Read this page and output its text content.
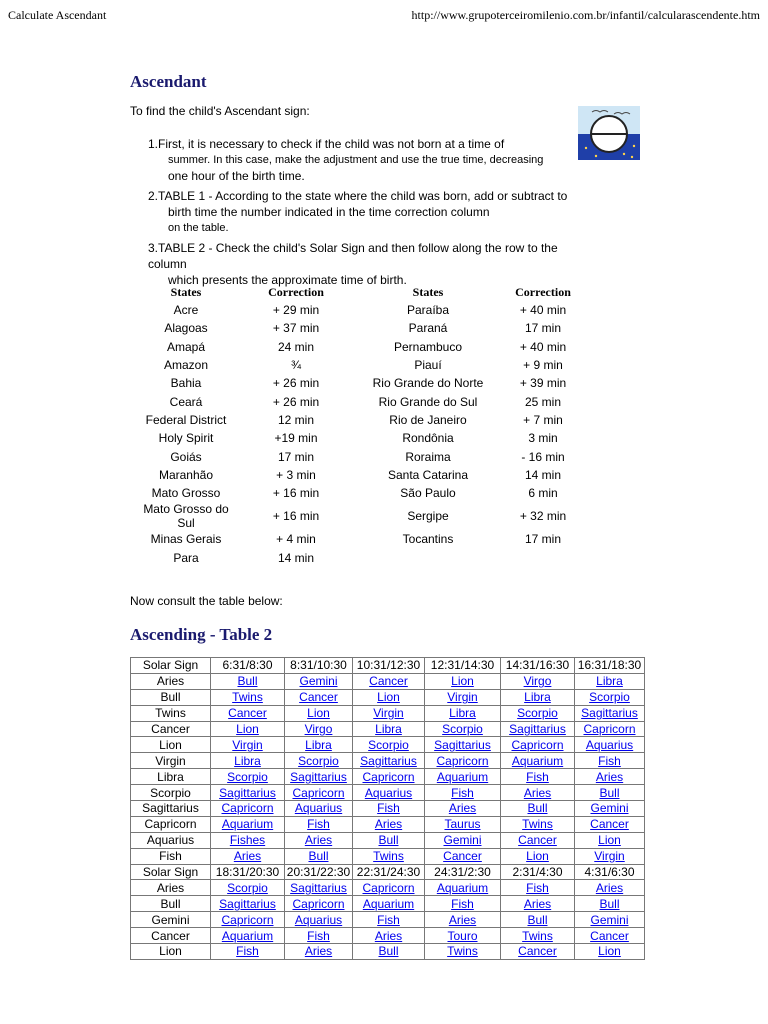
Calculate Ascendant	http://www.grupoterceiromilenio.com.br/infantil/calcularascendente.htm
Ascendant
To find the child's Ascendant sign:
1.First, it is necessary to check if the child was not born at a time of
summer. In this case, make the adjustment and use the true time, decreasing
one hour of the birth time.
2.TABLE 1 - According to the state where the child was born, add or subtract to
birth time the number indicated in the time correction column
on the table.
3.TABLE 2 - Check the child's Solar Sign and then follow along the row to the column
which presents the approximate time of birth.
States	Correction	States	Correction
Acre	+ 29 min	Paraíba	+ 40 min
Alagoas	+ 37 min	Paraná	17 min
Amapá	24 min	Pernambuco	+ 40 min
Amazon	¾	Piauí	+ 9 min
Bahia	+ 26 min	Rio Grande do Norte	+ 39 min
Ceará	+ 26 min	Rio Grande do Sul	25 min
Federal District	12 min	Rio de Janeiro	+ 7 min
Holy Spirit	+19 min	Rondônia	3 min
Goiás	17 min	Roraima	- 16 min
Maranhão	+ 3 min	Santa Catarina	14 min
Mato Grosso	+ 16 min	São Paulo	6 min
Mato Grosso do Sul	+ 16 min	Sergipe	+ 32 min
Minas Gerais	+ 4 min	Tocantins	17 min
Para	14 min		
Now consult the table below:
Ascending - Table 2
Solar Sign	6:31/8:30	8:31/10:30	10:31/12:30	12:31/14:30	14:31/16:30	16:31/18:30
Aries	Bull	Gemini	Cancer	Lion	Virgo	Libra
Bull	Twins	Cancer	Lion	Virgin	Libra	Scorpio
Twins	Cancer	Lion	Virgin	Libra	Scorpio	Sagittarius
Cancer	Lion	Virgo	Libra	Scorpio	Sagittarius	Capricorn
Lion	Virgin	Libra	Scorpio	Sagittarius	Capricorn	Aquarius
Virgin	Libra	Scorpio	Sagittarius	Capricorn	Aquarium	Fish
Libra	Scorpio	Sagittarius	Capricorn	Aquarium	Fish	Aries
Scorpio	Sagittarius	Capricorn	Aquarius	Fish	Aries	Bull
Sagittarius	Capricorn	Aquarius	Fish	Aries	Bull	Gemini
Capricorn	Aquarium	Fish	Aries	Taurus	Twins	Cancer
Aquarius	Fishes	Aries	Bull	Gemini	Cancer	Lion
Fish	Aries	Bull	Twins	Cancer	Lion	Virgin
Solar Sign	18:31/20:30	20:31/22:30	22:31/24:30	24:31/2:30	2:31/4:30	4:31/6:30
Aries	Scorpio	Sagittarius	Capricorn	Aquarium	Fish	Aries
Bull	Sagittarius	Capricorn	Aquarium	Fish	Aries	Bull
Gemini	Capricorn	Aquarius	Fish	Aries	Bull	Gemini
Cancer	Aquarium	Fish	Aries	Touro	Twins	Cancer
Lion	Fish	Aries	Bull	Twins	Cancer	Lion
